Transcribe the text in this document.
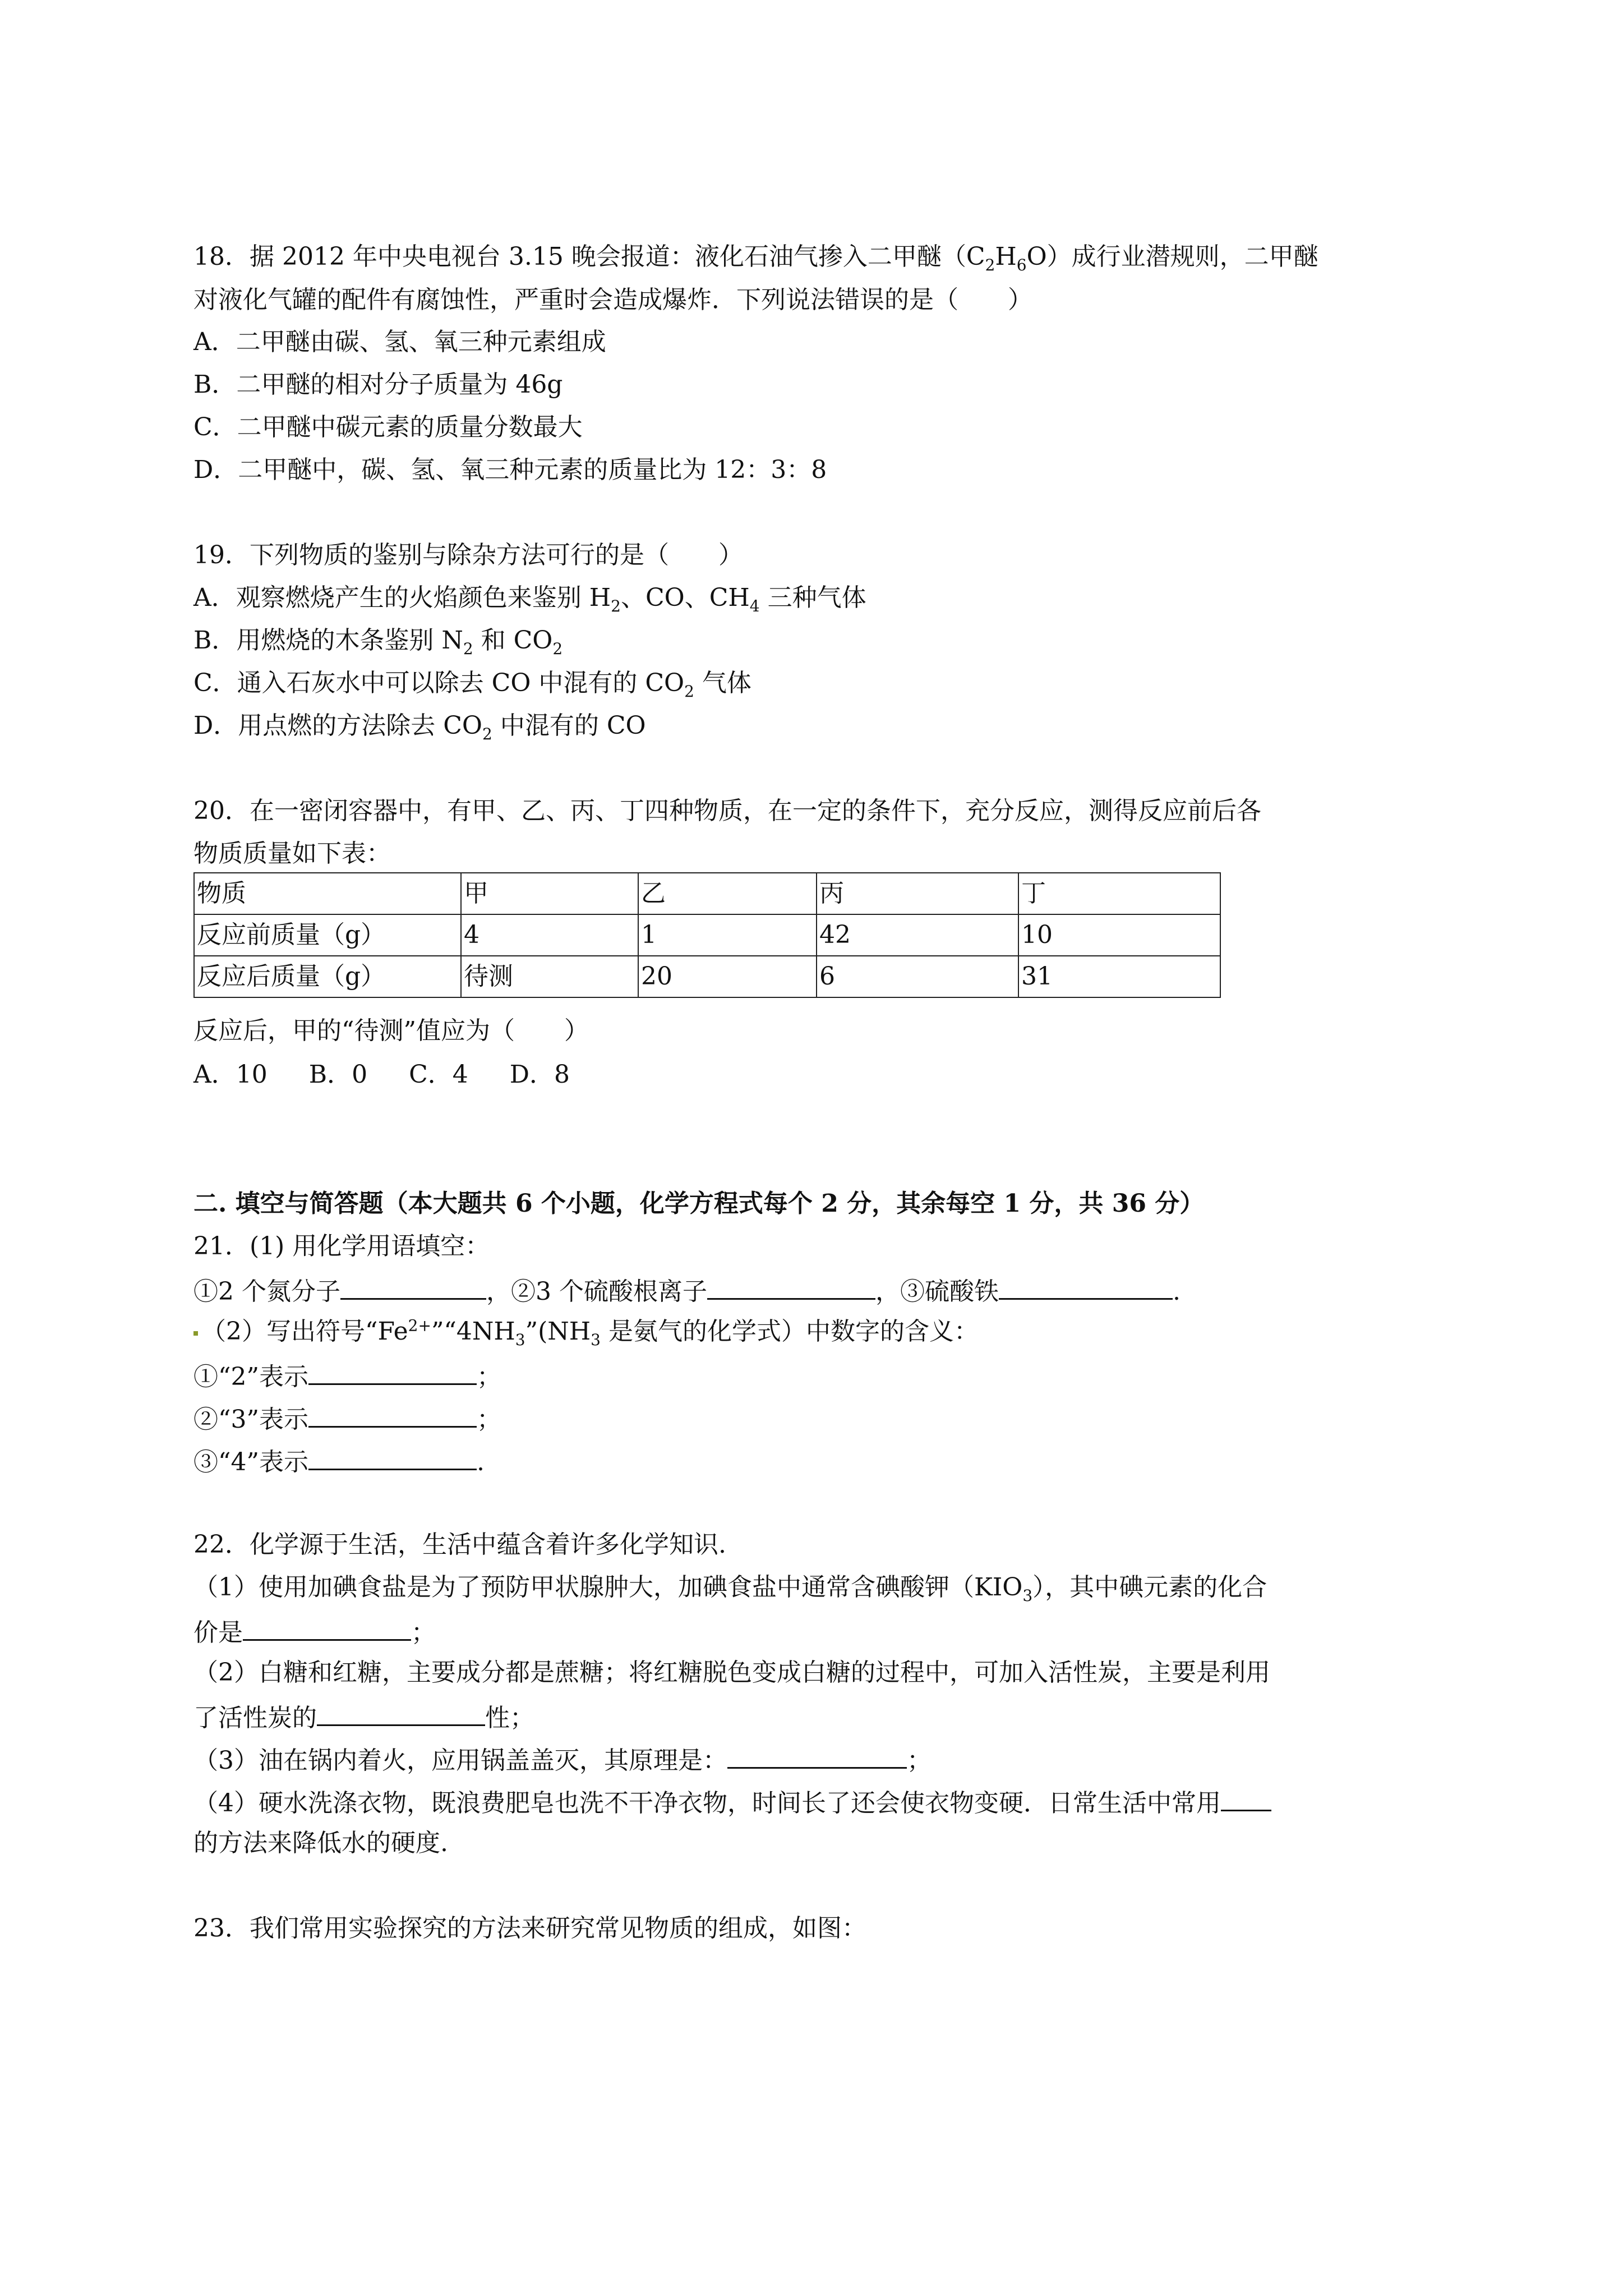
18．据 2012 年中央电视台 3.15 晚会报道：液化石油气掺入二甲醚$(C_2H_6O)$成行业潜规则，二甲醚
对液化气罐的配件有腐蚀性，严重时会造成爆炸．下列说法错误的是（　　）
A．二甲醚由碳、氢、氧三种元素组成
B．二甲醚的相对分子质量为 46g
C．二甲醚中碳元素的质量分数最大
D．二甲醚中，碳、氢、氧三种元素的质量比为 12：3：8
19．下列物质的鉴别与除杂方法可行的是（　　）
A．观察燃烧产生的火焰颜色来鉴别 $H_2$、CO、$CH_4$ 三种气体
B．用燃烧的木条鉴别 $N_2$ 和 $CO_2$
C．通入石灰水中可以除去 CO 中混有的 $CO_2$ 气体
D．用点燃的方法除去 $CO_2$ 中混有的 CO
20．在一密闭容器中，有甲、乙、丙、丁四种物质，在一定的条件下，充分反应，测得反应前后各
物质质量如下表：
物质	甲	乙	丙	丁
反应前质量（g）	4	1	42	10
反应后质量（g）	待测	20	6	31
反应后，甲的“待测”值应为（　　）
A．10 B．0 C．4 D．8
二. 填空与简答题（本大题共 6 个小题，化学方程式每个 2 分，其余每空 1 分，共 36 分）
21．(1) 用化学用语填空：
①2 个氮分子	，②3 个硫酸根离子	，③硫酸铁	.
（2）写出符号“$Fe^{2+}”“4NH_3”(NH_3$ 是氨气的化学式）中数字的含义：
①“2”表示	；
②“3”表示	；
③“4”表示	.
22．化学源于生活，生活中蕴含着许多化学知识.
（1）使用加碘食盐是为了预防甲状腺肿大，加碘食盐中通常含碘酸钾$(KIO_3)$，其中碘元素的化合
价是	；
（2）白糖和红糖，主要成分都是蔗糖；将红糖脱色变成白糖的过程中，可加入活性炭，主要是利用
了活性炭的	性；
（3）油在锅内着火，应用锅盖盖灭，其原理是：	；
（4）硬水洗涤衣物，既浪费肥皂也洗不干净衣物，时间长了还会使衣物变硬．日常生活中常用
的方法来降低水的硬度.
23．我们常用实验探究的方法来研究常见物质的组成，如图：
